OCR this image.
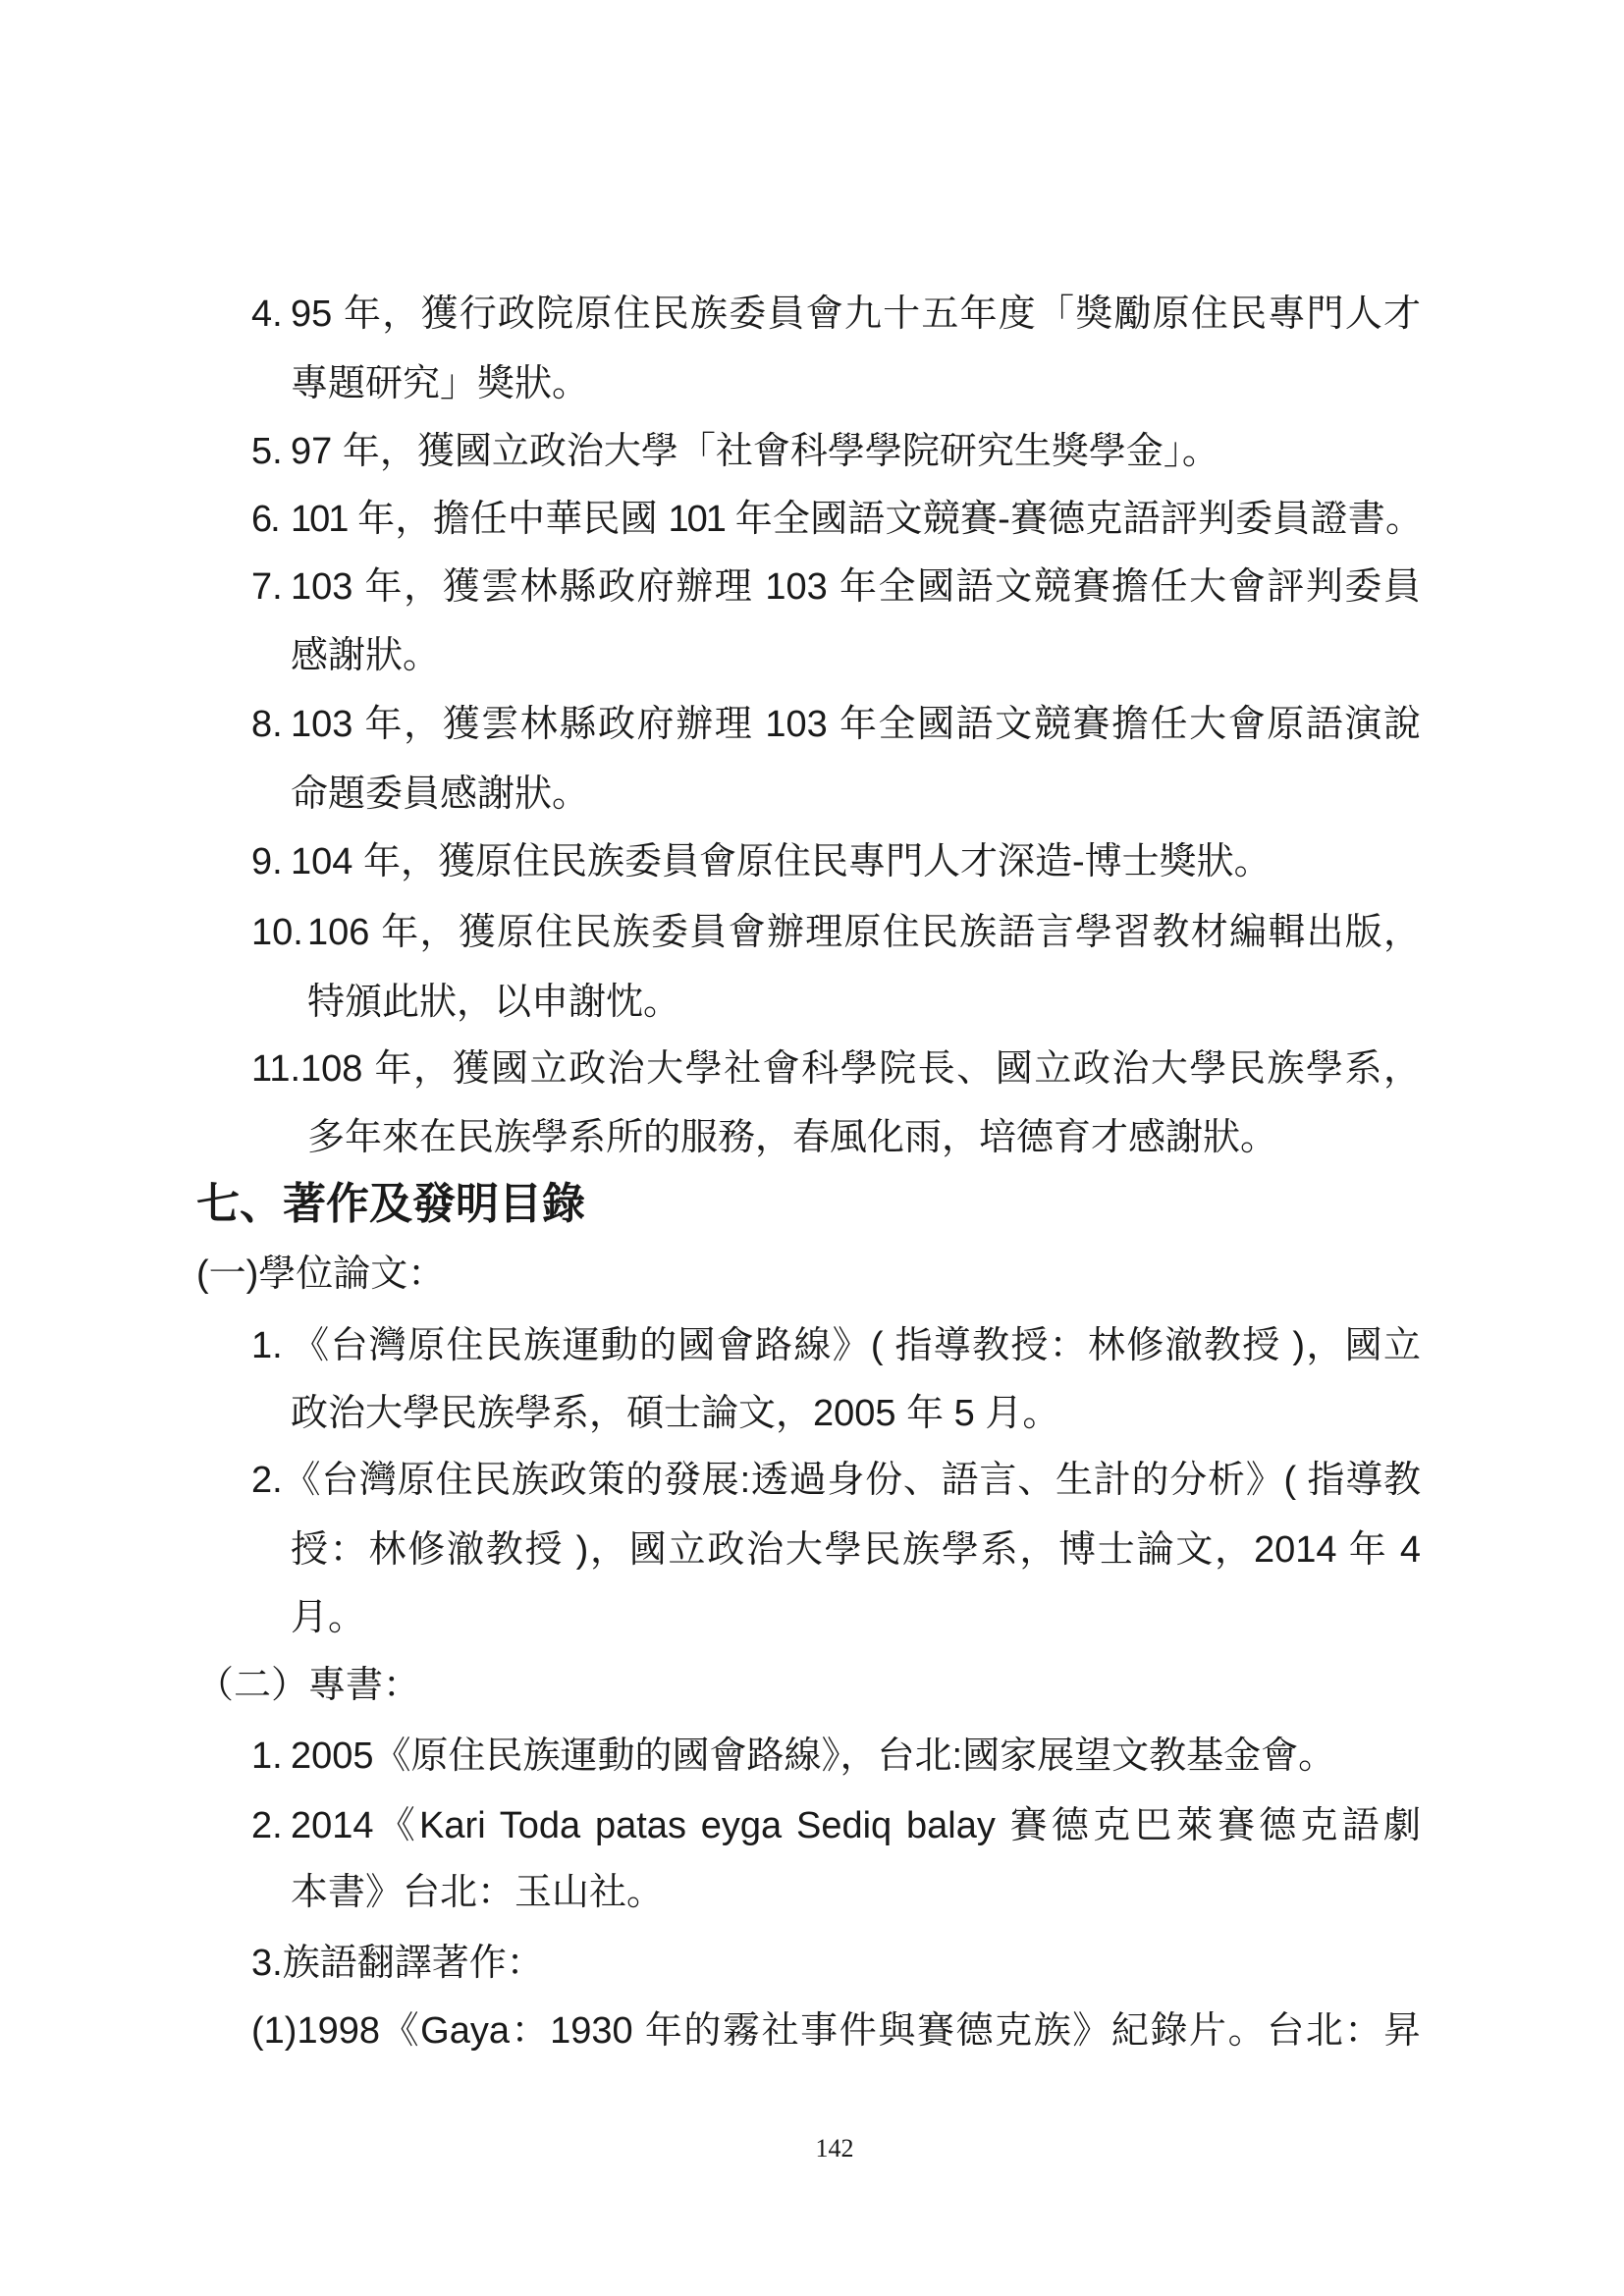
4. 95 年，獲行政院原住民族委員會九十五年度「獎勵原住民專門人才
專題研究」獎狀。
5. 97 年，獲國立政治大學「社會科學學院研究生獎學金」。
6. 101 年，擔任中華民國 101 年全國語文競賽-賽德克語評判委員證書。
7. 103 年，獲雲林縣政府辦理 103 年全國語文競賽擔任大會評判委員
感謝狀。
8. 103 年，獲雲林縣政府辦理 103 年全國語文競賽擔任大會原語演說
命題委員感謝狀。
9. 104 年，獲原住民族委員會原住民專門人才深造-博士獎狀。
10. 106 年，獲原住民族委員會辦理原住民族語言學習教材編輯出版，
特頒此狀，以申謝忱。
11.108 年，獲國立政治大學社會科學院長、國立政治大學民族學系，
多年來在民族學系所的服務，春風化雨，培德育才感謝狀。
七、著作及發明目錄
(一)學位論文：
1. 《台灣原住民族運動的國會路線》( 指導教授：林修澈教授 )，國立
政治大學民族學系，碩士論文，2005 年 5 月。
2.《台灣原住民族政策的發展:透過身份、語言、生計的分析》( 指導教
授：林修澈教授 )，國立政治大學民族學系，博士論文，2014 年 4
月。
（二）專書：
1. 2005《原住民族運動的國會路線》，台北:國家展望文教基金會。
2. 2014《Kari Toda patas eyga Sediq balay 賽德克巴萊賽德克語劇
本書》台北：玉山社。
3.族語翻譯著作：
(1)1998《Gaya：1930 年的霧社事件與賽德克族》紀錄片。台北：昇
142
